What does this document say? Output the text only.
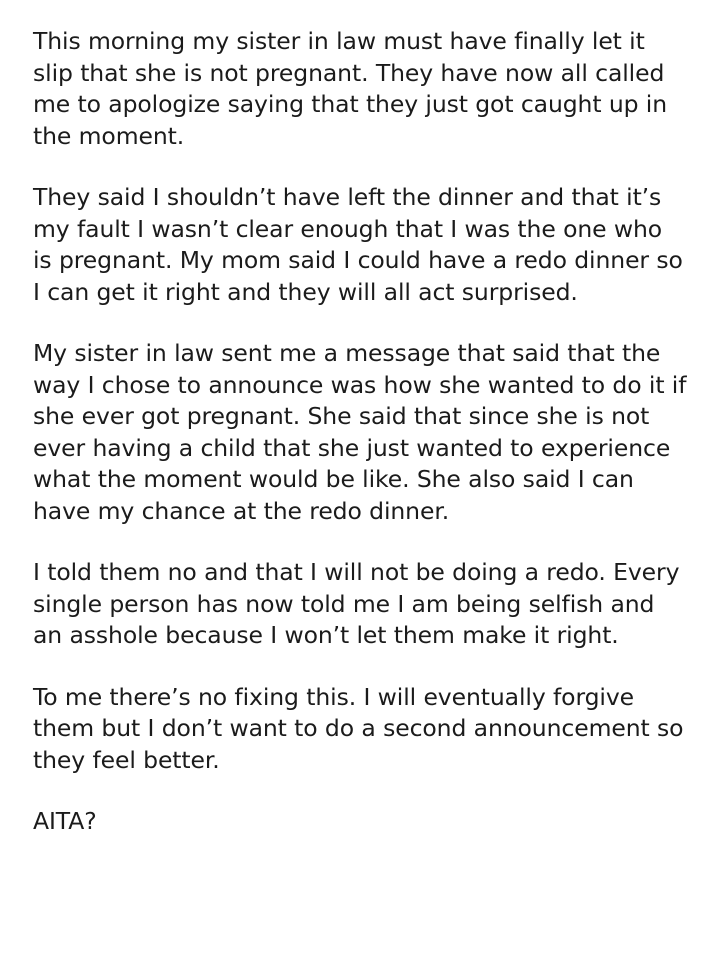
This morning my sister in law must have finally let it slip that she is not pregnant. They have now all called me to apologize saying that they just got caught up in the moment.

They said I shouldn’t have left the dinner and that it’s my fault I wasn’t clear enough that I was the one who is pregnant. My mom said I could have a redo dinner so I can get it right and they will all act surprised.

My sister in law sent me a message that said that the way I chose to announce was how she wanted to do it if she ever got pregnant. She said that since she is not ever having a child that she just wanted to experience what the moment would be like. She also said I can have my chance at the redo dinner.

I told them no and that I will not be doing a redo. Every single person has now told me I am being selfish and an asshole because I won’t let them make it right.

To me there’s no fixing this. I will eventually forgive them but I don’t want to do a second announcement so they feel better.

AITA?
